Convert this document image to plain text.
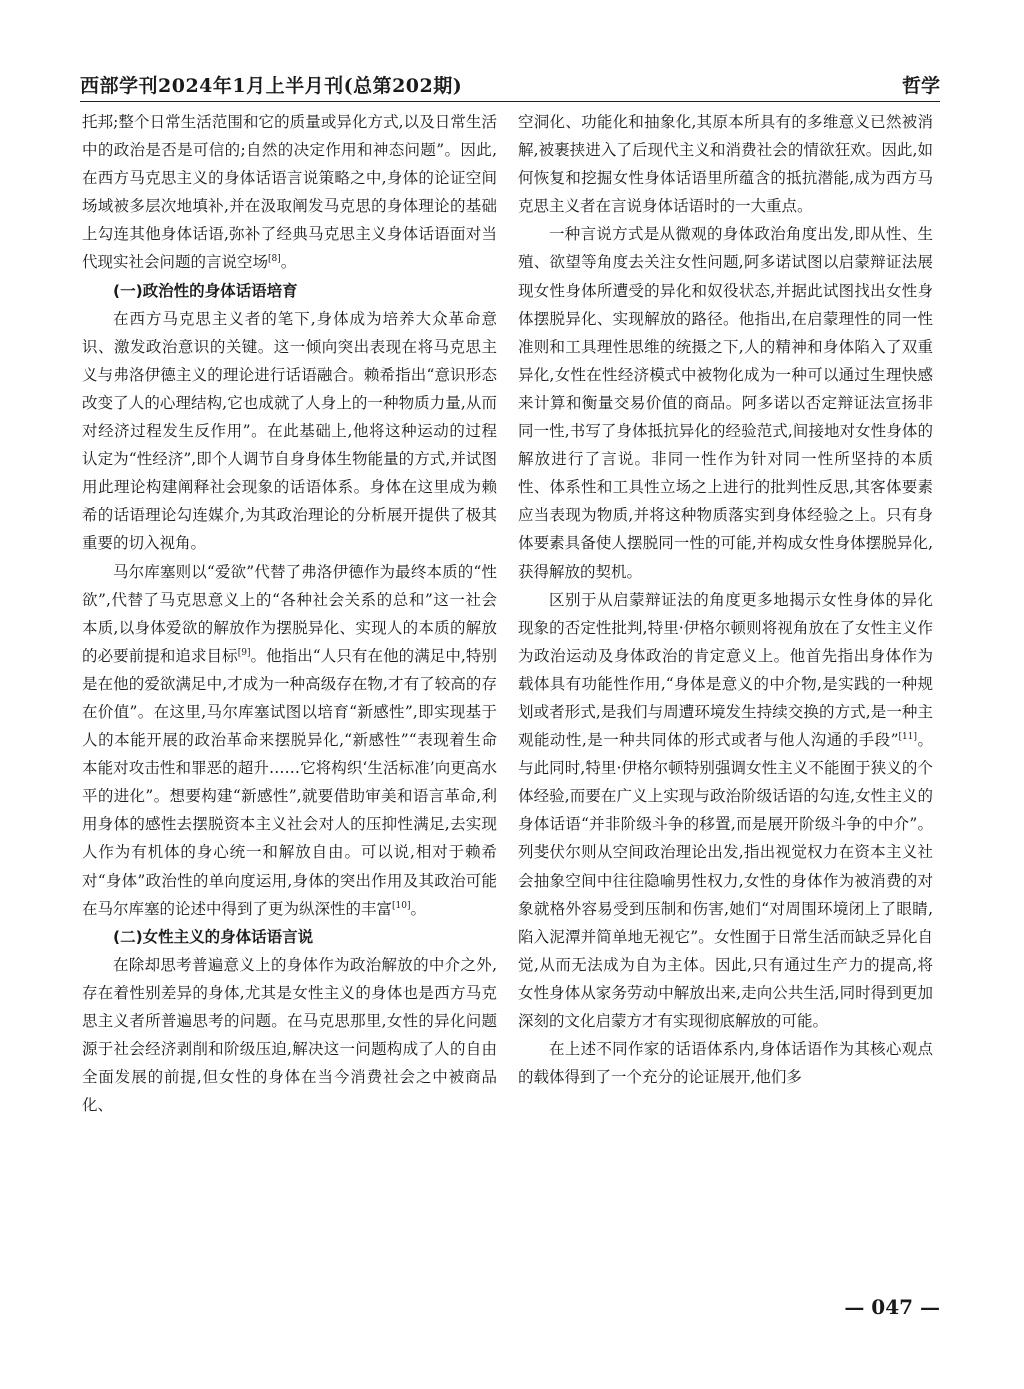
西部学刊2024年1月上半月刊(总第202期)	哲学

托邦;整个日常生活范围和它的质量或异化方式,以及日常生活中的政治是否是可信的;自然的决定作用和神态问题”。因此,在西方马克思主义的身体话语言说策略之中,身体的论证空间场域被多层次地填补,并在汲取阐发马克思的身体理论的基础上勾连其他身体话语,弥补了经典马克思主义身体话语面对当代现实社会问题的言说空场[8]。

(一)政治性的身体话语培育

在西方马克思主义者的笔下,身体成为培养大众革命意识、激发政治意识的关键。这一倾向突出表现在将马克思主义与弗洛伊德主义的理论进行话语融合。赖希指出“意识形态改变了人的心理结构,它也成就了人身上的一种物质力量,从而对经济过程发生反作用”。在此基础上,他将这种运动的过程认定为“性经济”,即个人调节自身身体生物能量的方式,并试图用此理论构建阐释社会现象的话语体系。身体在这里成为赖希的话语理论勾连媒介,为其政治理论的分析展开提供了极其重要的切入视角。

马尔库塞则以“爱欲”代替了弗洛伊德作为最终本质的“性欲”,代替了马克思意义上的“各种社会关系的总和”这一社会本质,以身体爱欲的解放作为摆脱异化、实现人的本质的解放的必要前提和追求目标[9]。他指出“人只有在他的满足中,特别是在他的爱欲满足中,才成为一种高级存在物,才有了较高的存在价值”。在这里,马尔库塞试图以培育“新感性”,即实现基于人的本能开展的政治革命来摆脱异化,“新感性”“表现着生命本能对攻击性和罪恶的超升……它将构织‘生活标准’向更高水平的进化”。想要构建“新感性”,就要借助审美和语言革命,利用身体的感性去摆脱资本主义社会对人的压抑性满足,去实现人作为有机体的身心统一和解放自由。可以说,相对于赖希对“身体”政治性的单向度运用,身体的突出作用及其政治可能在马尔库塞的论述中得到了更为纵深性的丰富[10]。

(二)女性主义的身体话语言说

在除却思考普遍意义上的身体作为政治解放的中介之外,存在着性别差异的身体,尤其是女性主义的身体也是西方马克思主义者所普遍思考的问题。在马克思那里,女性的异化问题源于社会经济剥削和阶级压迫,解决这一问题构成了人的自由全面发展的前提,但女性的身体在当今消费社会之中被商品化、

空洞化、功能化和抽象化,其原本所具有的多维意义已然被消解,被裹挟进入了后现代主义和消费社会的情欲狂欢。因此,如何恢复和挖掘女性身体话语里所蕴含的抵抗潜能,成为西方马克思主义者在言说身体话语时的一大重点。

一种言说方式是从微观的身体政治角度出发,即从性、生殖、欲望等角度去关注女性问题,阿多诺试图以启蒙辩证法展现女性身体所遭受的异化和奴役状态,并据此试图找出女性身体摆脱异化、实现解放的路径。他指出,在启蒙理性的同一性准则和工具理性思维的统摄之下,人的精神和身体陷入了双重异化,女性在性经济模式中被物化成为一种可以通过生理快感来计算和衡量交易价值的商品。阿多诺以否定辩证法宣扬非同一性,书写了身体抵抗异化的经验范式,间接地对女性身体的解放进行了言说。非同一性作为针对同一性所坚持的本质性、体系性和工具性立场之上进行的批判性反思,其客体要素应当表现为物质,并将这种物质落实到身体经验之上。只有身体要素具备使人摆脱同一性的可能,并构成女性身体摆脱异化,获得解放的契机。

区别于从启蒙辩证法的角度更多地揭示女性身体的异化现象的否定性批判,特里·伊格尔顿则将视角放在了女性主义作为政治运动及身体政治的肯定意义上。他首先指出身体作为载体具有功能性作用,“身体是意义的中介物,是实践的一种规划或者形式,是我们与周遭环境发生持续交换的方式,是一种主观能动性,是一种共同体的形式或者与他人沟通的手段”[11]。与此同时,特里·伊格尔顿特别强调女性主义不能囿于狭义的个体经验,而要在广义上实现与政治阶级话语的勾连,女性主义的身体话语“并非阶级斗争的移置,而是展开阶级斗争的中介”。列斐伏尔则从空间政治理论出发,指出视觉权力在资本主义社会抽象空间中往往隐喻男性权力,女性的身体作为被消费的对象就格外容易受到压制和伤害,她们“对周围环境闭上了眼睛,陷入泥潭并简单地无视它”。女性囿于日常生活而缺乏异化自觉,从而无法成为自为主体。因此,只有通过生产力的提高,将女性身体从家务劳动中解放出来,走向公共生活,同时得到更加深刻的文化启蒙方才有实现彻底解放的可能。

在上述不同作家的话语体系内,身体话语作为其核心观点的载体得到了一个充分的论证展开,他们多

— 047 —
